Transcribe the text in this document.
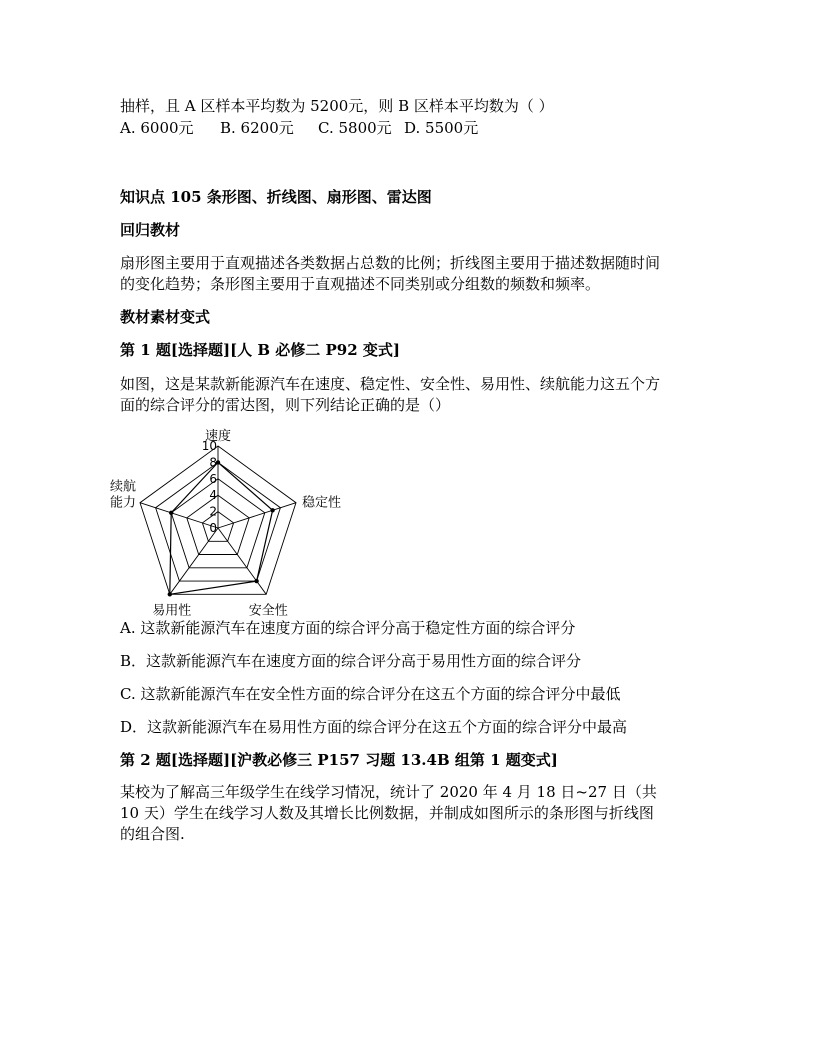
抽样，且 A 区样本平均数为 5200元，则 B 区样本平均数为（ ）
A. 6000元 B. 6200元 C. 5800元 D. 5500元
知识点 105 条形图、折线图、扇形图、雷达图
回归教材
扇形图主要用于直观描述各类数据占总数的比例；折线图主要用于描述数据随时间
的变化趋势；条形图主要用于直观描述不同类别或分组数的频数和频率。
教材素材变式
第 1 题[选择题][人 B 必修二 P92 变式]
如图，这是某款新能源汽车在速度、稳定性、安全性、易用性、续航能力这五个方
面的综合评分的雷达图，则下列结论正确的是（）
0
2
4
6
8
10
速度
稳定性
安全性
易用性
续航
能力
A. 这款新能源汽车在速度方面的综合评分高于稳定性方面的综合评分
B．这款新能源汽车在速度方面的综合评分高于易用性方面的综合评分
C. 这款新能源汽车在安全性方面的综合评分在这五个方面的综合评分中最低
D．这款新能源汽车在易用性方面的综合评分在这五个方面的综合评分中最高
第 2 题[选择题][沪教必修三 P157 习题 13.4B 组第 1 题变式]
某校为了解高三年级学生在线学习情况，统计了 2020 年 4 月 18 日~27 日（共
10 天）学生在线学习人数及其增长比例数据，并制成如图所示的条形图与折线图
的组合图.
